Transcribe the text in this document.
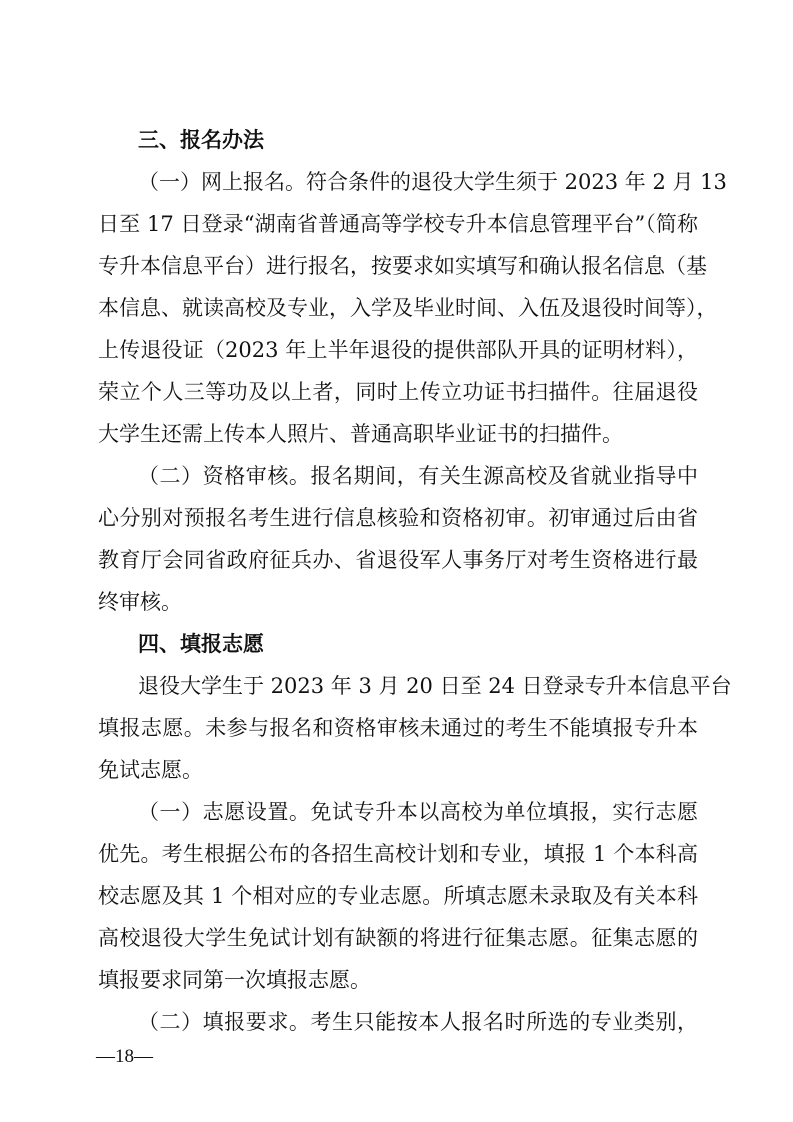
三、报名办法
（一）网上报名。符合条件的退役大学生须于 2023 年 2 月 13
日至 17 日登录“湖南省普通高等学校专升本信息管理平台”（简称
专升本信息平台）进行报名，按要求如实填写和确认报名信息（基
本信息、就读高校及专业，入学及毕业时间、入伍及退役时间等），
上传退役证（2023 年上半年退役的提供部队开具的证明材料），
荣立个人三等功及以上者，同时上传立功证书扫描件。往届退役
大学生还需上传本人照片、普通高职毕业证书的扫描件。
（二）资格审核。报名期间，有关生源高校及省就业指导中
心分别对预报名考生进行信息核验和资格初审。初审通过后由省
教育厅会同省政府征兵办、省退役军人事务厅对考生资格进行最
终审核。
四、填报志愿
退役大学生于 2023 年 3 月 20 日至 24 日登录专升本信息平台
填报志愿。未参与报名和资格审核未通过的考生不能填报专升本
免试志愿。
（一）志愿设置。免试专升本以高校为单位填报，实行志愿
优先。考生根据公布的各招生高校计划和专业，填报 1 个本科高
校志愿及其 1 个相对应的专业志愿。所填志愿未录取及有关本科
高校退役大学生免试计划有缺额的将进行征集志愿。征集志愿的
填报要求同第一次填报志愿。
（二）填报要求。考生只能按本人报名时所选的专业类别，
—18—
